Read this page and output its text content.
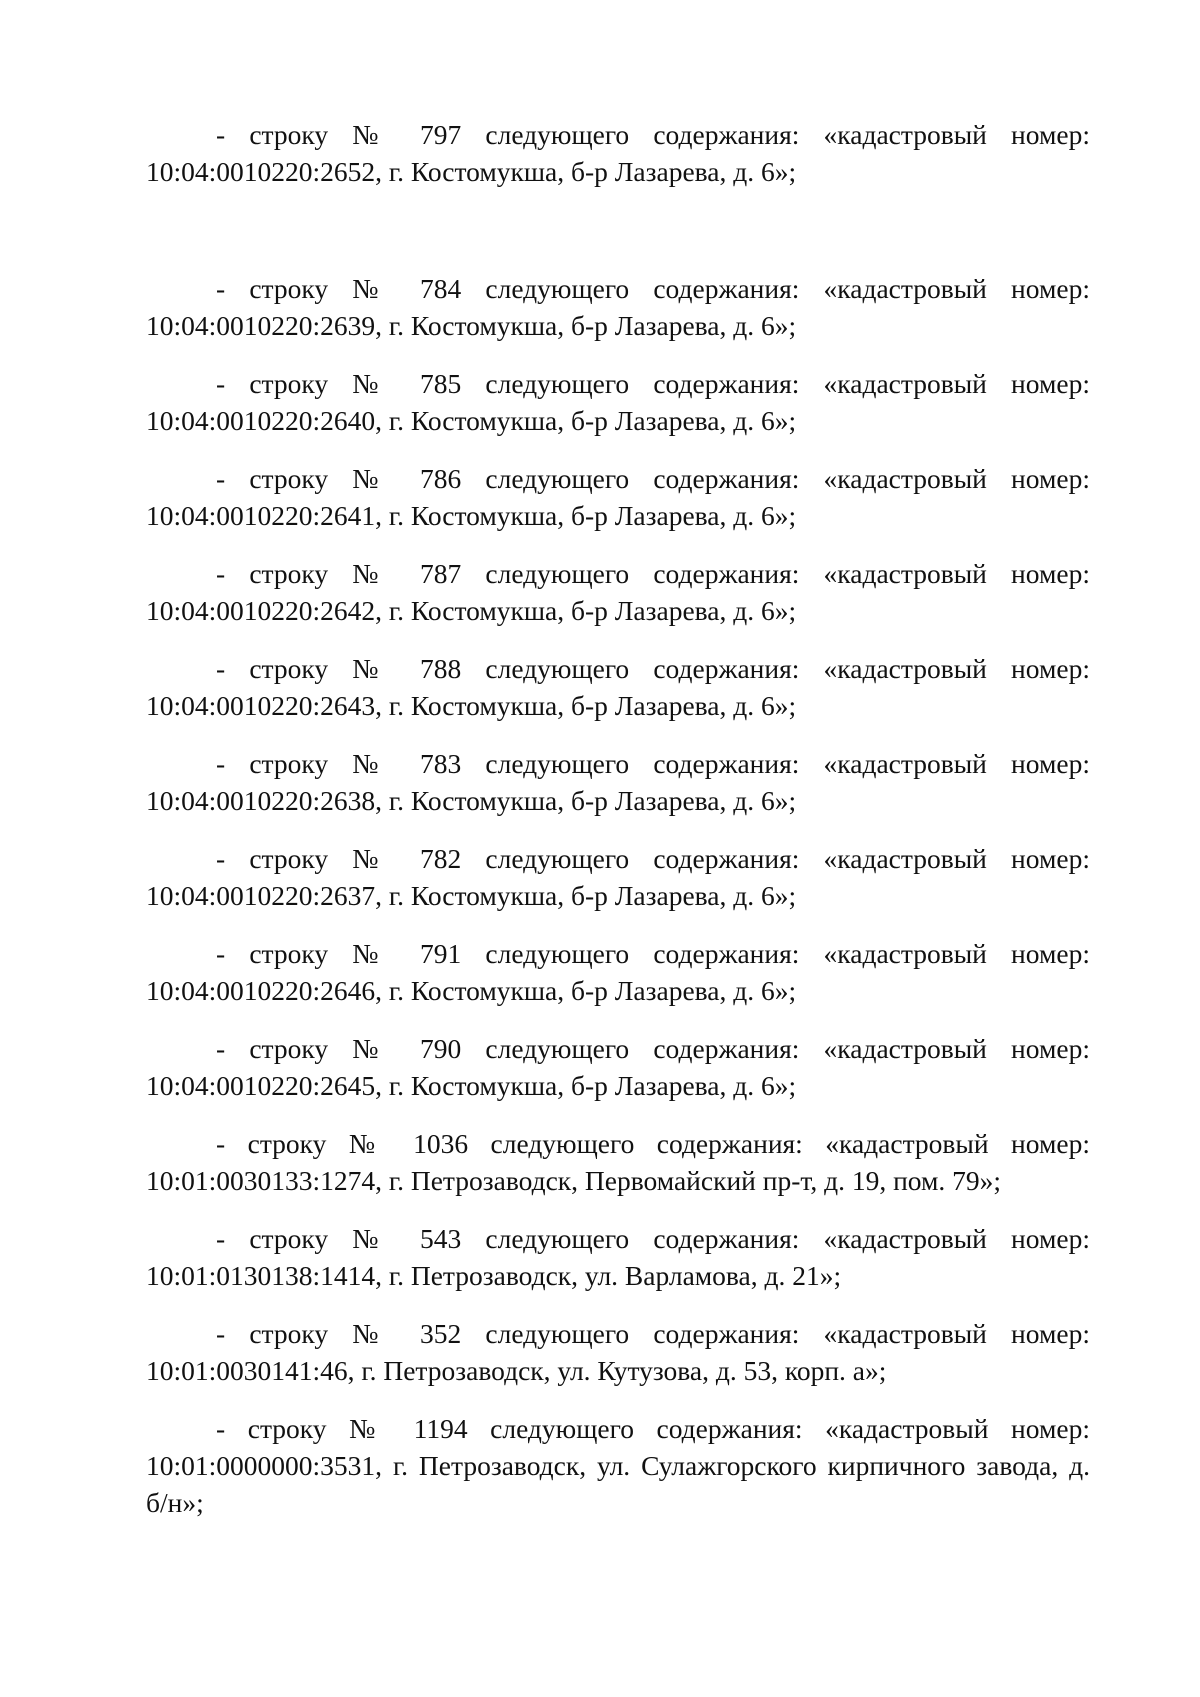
- строку № 797 следующего содержания: «кадастровый номер:
10:04:0010220:2652, г. Костомукша, б-р Лазарева, д. 6»;
- строку № 784 следующего содержания: «кадастровый номер:
10:04:0010220:2639, г. Костомукша, б-р Лазарева, д. 6»;
- строку № 785 следующего содержания: «кадастровый номер:
10:04:0010220:2640, г. Костомукша, б-р Лазарева, д. 6»;
- строку № 786 следующего содержания: «кадастровый номер:
10:04:0010220:2641, г. Костомукша, б-р Лазарева, д. 6»;
- строку № 787 следующего содержания: «кадастровый номер:
10:04:0010220:2642, г. Костомукша, б-р Лазарева, д. 6»;
- строку № 788 следующего содержания: «кадастровый номер:
10:04:0010220:2643, г. Костомукша, б-р Лазарева, д. 6»;
- строку № 783 следующего содержания: «кадастровый номер:
10:04:0010220:2638, г. Костомукша, б-р Лазарева, д. 6»;
- строку № 782 следующего содержания: «кадастровый номер:
10:04:0010220:2637, г. Костомукша, б-р Лазарева, д. 6»;
- строку № 791 следующего содержания: «кадастровый номер:
10:04:0010220:2646, г. Костомукша, б-р Лазарева, д. 6»;
- строку № 790 следующего содержания: «кадастровый номер:
10:04:0010220:2645, г. Костомукша, б-р Лазарева, д. 6»;
- строку № 1036 следующего содержания: «кадастровый номер:
10:01:0030133:1274, г. Петрозаводск, Первомайский пр-т, д. 19, пом. 79»;
- строку № 543 следующего содержания: «кадастровый номер:
10:01:0130138:1414, г. Петрозаводск, ул. Варламова, д. 21»;
- строку № 352 следующего содержания: «кадастровый номер:
10:01:0030141:46, г. Петрозаводск, ул. Кутузова, д. 53, корп. а»;
- строку № 1194 следующего содержания: «кадастровый номер:
10:01:0000000:3531, г. Петрозаводск, ул. Сулажгорского кирпичного завода, д. б/н»;
